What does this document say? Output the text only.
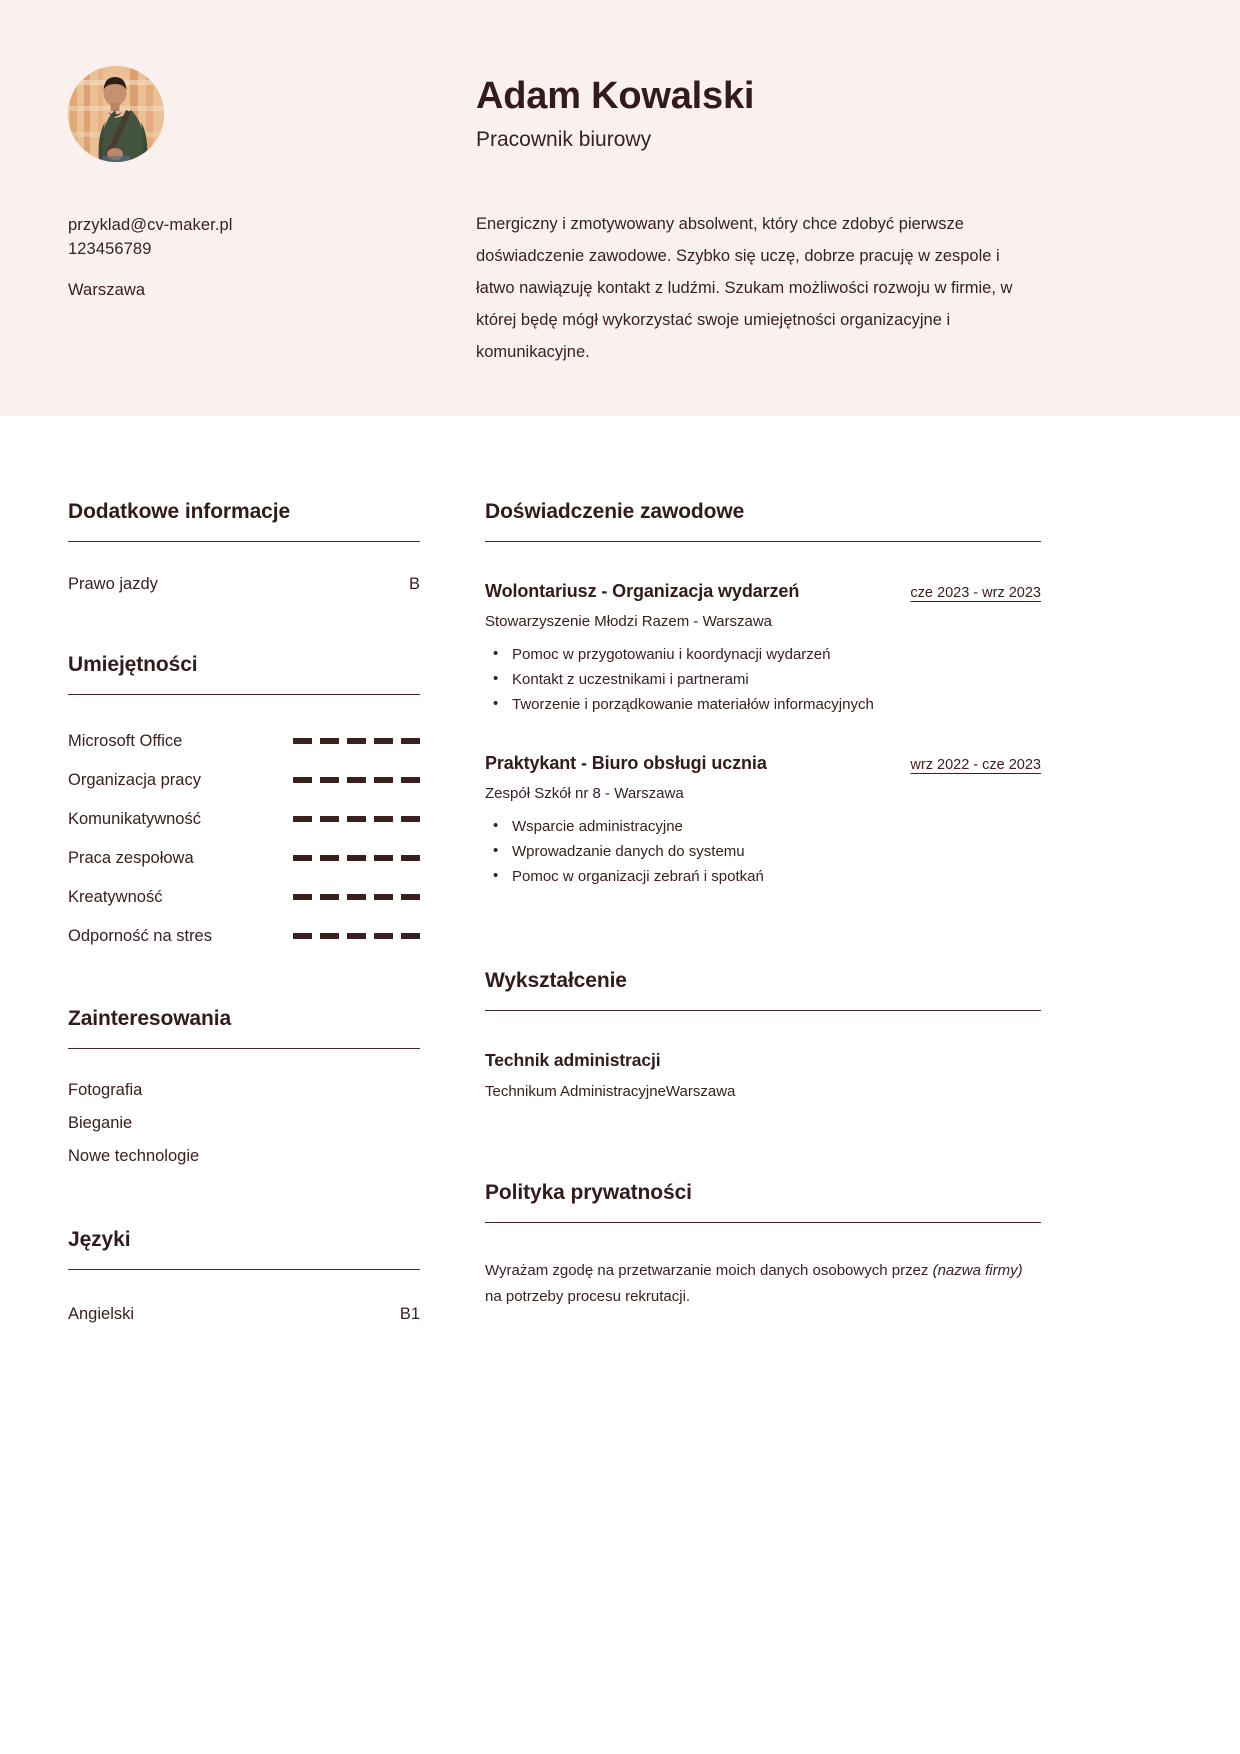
przyklad@cv-maker.pl
123456789
Warszawa
Adam Kowalski
Pracownik biurowy
Energiczny i zmotywowany absolwent, który chce zdobyć pierwsze doświadczenie zawodowe. Szybko się uczę, dobrze pracuję w zespole i łatwo nawiązuję kontakt z ludźmi. Szukam możliwości rozwoju w firmie, w której będę mógł wykorzystać swoje umiejętności organizacyjne i komunikacyjne.
Dodatkowe informacje
Prawo jazdy	B
Umiejętności
Microsoft Office
Organizacja pracy
Komunikatywność
Praca zespołowa
Kreatywność
Odporność na stres
Zainteresowania
Fotografia
Bieganie
Nowe technologie
Języki
Angielski	B1
Doświadczenie zawodowe
Wolontariusz - Organizacja wydarzeń	cze 2023 - wrz 2023
Stowarzyszenie Młodzi Razem - Warszawa
• Pomoc w przygotowaniu i koordynacji wydarzeń
• Kontakt z uczestnikami i partnerami
• Tworzenie i porządkowanie materiałów informacyjnych
Praktykant - Biuro obsługi ucznia	wrz 2022 - cze 2023
Zespół Szkół nr 8 - Warszawa
• Wsparcie administracyjne
• Wprowadzanie danych do systemu
• Pomoc w organizacji zebrań i spotkań
Wykształcenie
Technik administracji
Technikum AdministracyjneWarszawa
Polityka prywatności
Wyrażam zgodę na przetwarzanie moich danych osobowych przez (nazwa firmy) na potrzeby procesu rekrutacji.
